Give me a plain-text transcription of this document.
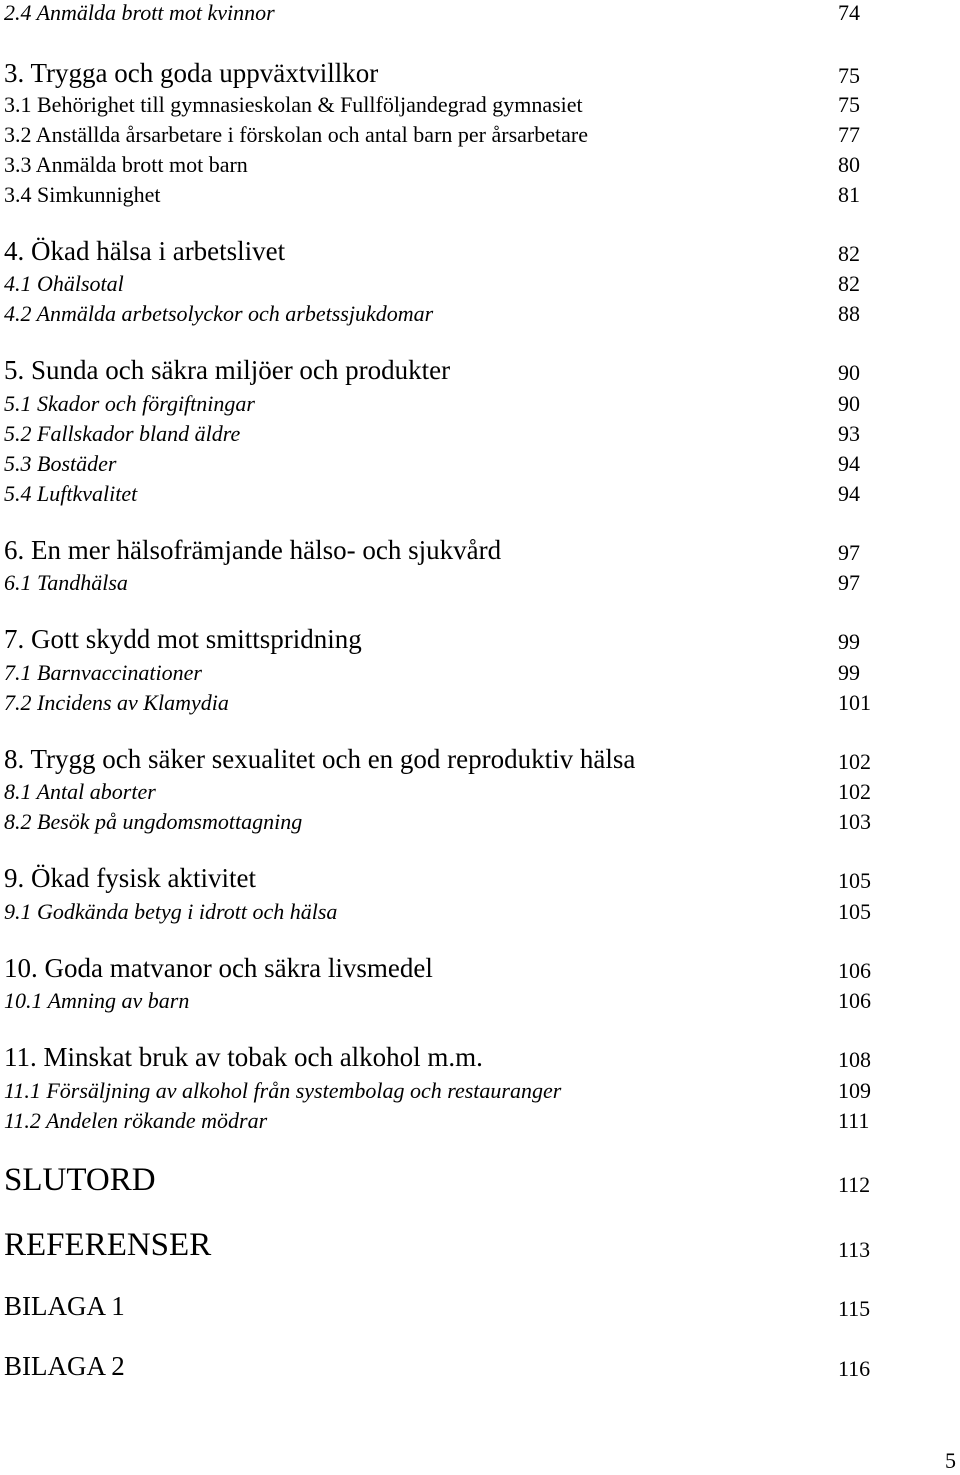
2.4 Anmälda brott mot kvinnor	74
3. Trygga och goda uppväxtvillkor	75
3.1 Behörighet till gymnasieskolan & Fullföljandegrad gymnasiet	75
3.2 Anställda årsarbetare i förskolan och antal barn per årsarbetare	77
3.3 Anmälda brott mot barn	80
3.4 Simkunnighet	81
4. Ökad hälsa i arbetslivet	82
4.1 Ohälsotal	82
4.2 Anmälda arbetsolyckor och arbetssjukdomar	88
5. Sunda och säkra miljöer och produkter	90
5.1 Skador och förgiftningar	90
5.2 Fallskador bland äldre	93
5.3 Bostäder	94
5.4 Luftkvalitet	94
6. En mer hälsofrämjande hälso- och sjukvård	97
6.1 Tandhälsa	97
7. Gott skydd mot smittspridning	99
7.1 Barnvaccinationer	99
7.2 Incidens av Klamydia	101
8. Trygg och säker sexualitet och en god reproduktiv hälsa	102
8.1 Antal aborter	102
8.2 Besök på ungdomsmottagning	103
9. Ökad fysisk aktivitet	105
9.1 Godkända betyg i idrott och hälsa	105
10. Goda matvanor och säkra livsmedel	106
10.1 Amning av barn	106
11. Minskat bruk av tobak och alkohol m.m.	108
11.1 Försäljning av alkohol från systembolag och restauranger	109
11.2 Andelen rökande mödrar	111
SLUTORD	112
REFERENSER	113
BILAGA 1	115
BILAGA 2	116
5
